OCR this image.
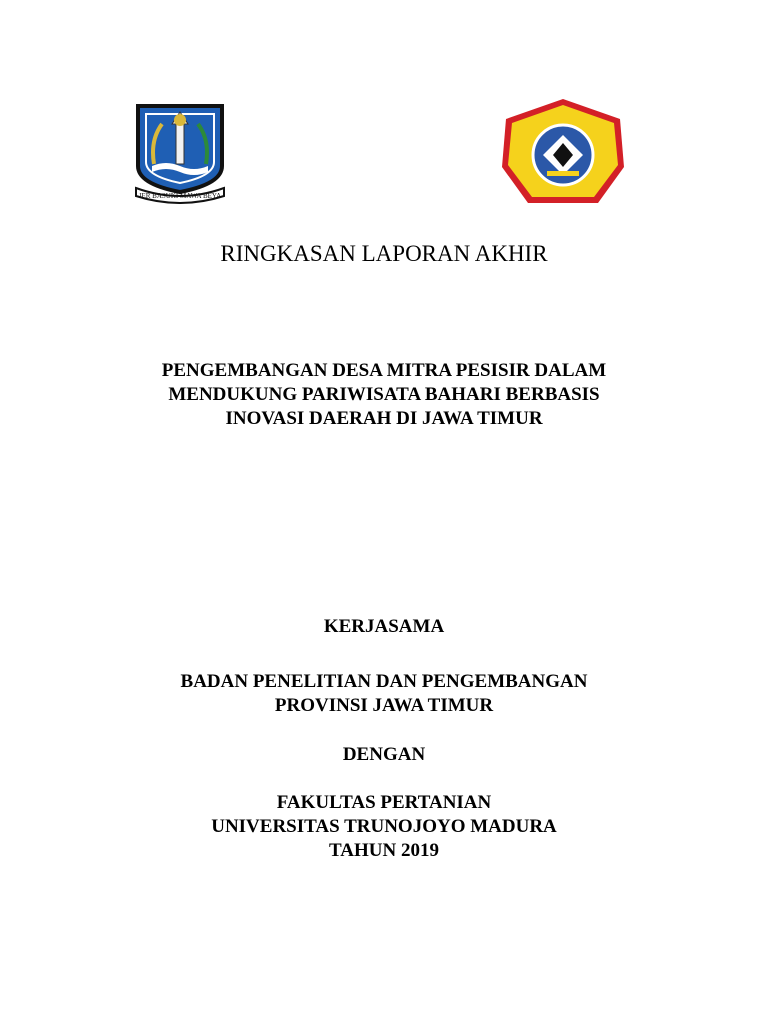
JER BASUKI MAWA BEYA
RINGKASAN LAPORAN AKHIR
PENGEMBANGAN DESA MITRA PESISIR DALAM
MENDUKUNG PARIWISATA BAHARI BERBASIS
INOVASI DAERAH DI JAWA TIMUR
KERJASAMA
BADAN PENELITIAN DAN PENGEMBANGAN
PROVINSI JAWA TIMUR
DENGAN
FAKULTAS PERTANIAN
UNIVERSITAS TRUNOJOYO MADURA
TAHUN 2019
